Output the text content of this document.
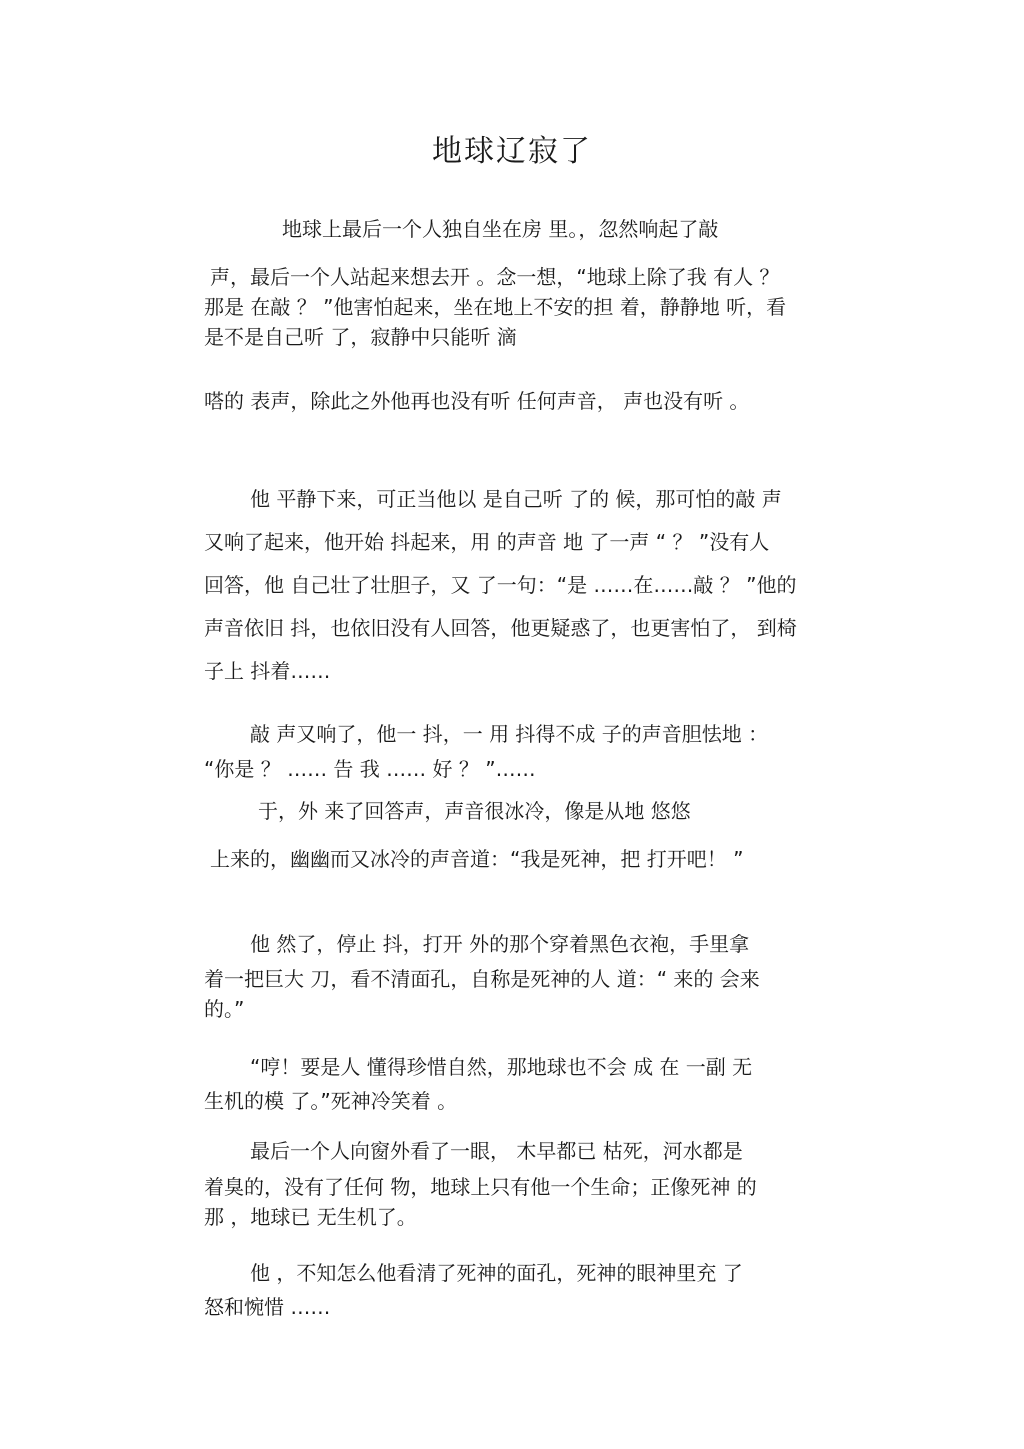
地球辽寂了
地球上最后一个人独自坐在房 里。，忽然响起了敲
声，最后一个人站起来想去开 。念一想，“地球上除了我 有人 ？
那是 在敲 ？ ”他害怕起来，坐在地上不安的担 着，静静地 听，看
是不是自己听 了，寂静中只能听 滴
嗒的 表声，除此之外他再也没有听 任何声音， 声也没有听 。
他 平静下来，可正当他以 是自己听 了的 候，那可怕的敲 声
又响了起来，他开始 抖起来，用 的声音 地 了一声 “ ？ ”没有人
回答，他 自己壮了壮胆子，又 了一句：“是 ……在……敲 ？ ”他的
声音依旧 抖，也依旧没有人回答，他更疑惑了，也更害怕了， 到椅
子上 抖着……
敲 声又响了，他一 抖，一 用 抖得不成 子的声音胆怯地 ：
“你是 ？ …… 告 我 …… 好 ？ ”……
于，外 来了回答声，声音很冰冷，像是从地 悠悠
上来的，幽幽而又冰冷的声音道：“我是死神，把 打开吧！ ”
他 然了，停止 抖，打开 外的那个穿着黑色衣袍，手里拿
着一把巨大 刀，看不清面孔，自称是死神的人 道：“ 来的 会来
的。”
“哼！要是人 懂得珍惜自然，那地球也不会 成 在 一副 无
生机的模 了。”死神冷笑着 。
最后一个人向窗外看了一眼， 木早都已 枯死，河水都是
着臭的，没有了任何 物，地球上只有他一个生命；正像死神 的
那 ，地球已 无生机了。
他 ，不知怎么他看清了死神的面孔，死神的眼神里充 了
怒和惋惜 ……
